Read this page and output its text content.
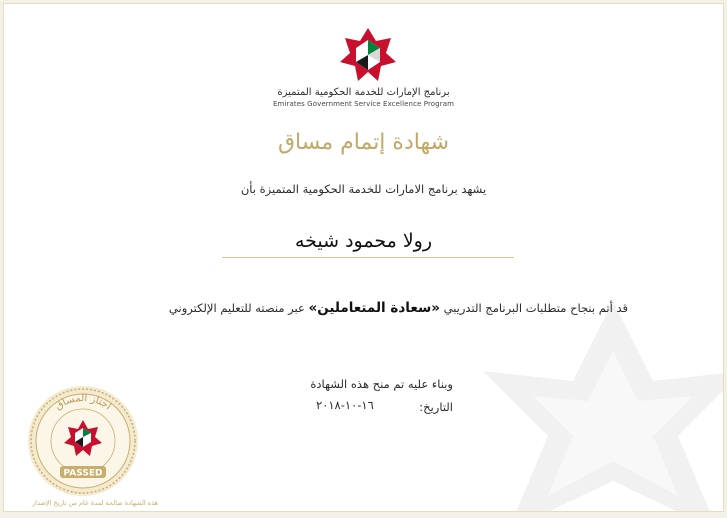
برنامج الإمارات للخدمة الحكومية المتميزة
Emirates Government Service Excellence Program
شهادة إتمام مساق
يشهد برنامج الامارات للخدمة الحكومية المتميزة بأن
رولا محمود شيخه
قد أتم بنجاح متطلبات البرنامج التدريبي «سعادة المتعاملين» عبر منصته للتعليم الإلكتروني
وبناء عليه تم منح هذه الشهادة
التاريخ:
١٦‐١٠‐٢٠١٨
اجتاز المساق
PASSED
هذه الشهادة صالحة لمدة عام من تاريخ الإصدار
